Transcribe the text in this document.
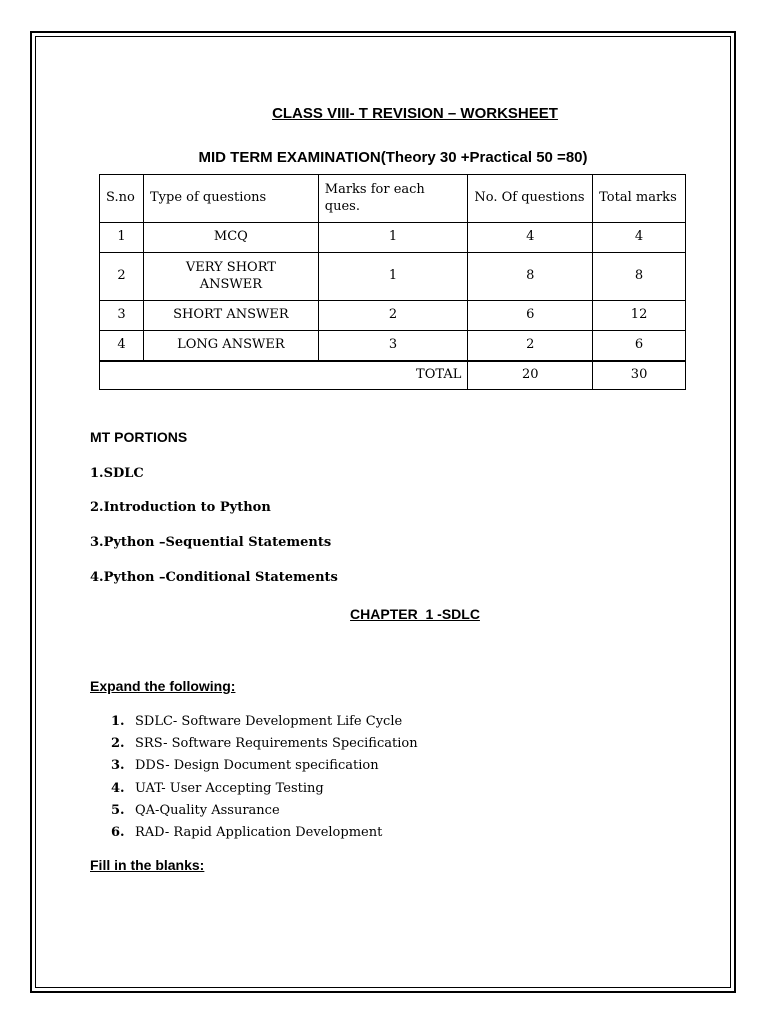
CLASS VIII- T REVISION – WORKSHEET
MID TERM EXAMINATION(Theory 30 +Practical 50 =80)
S.no	Type of questions	Marks for each ques.	No. Of questions	Total marks
1	MCQ	1	4	4
2	VERY SHORT ANSWER	1	8	8
3	SHORT ANSWER	2	6	12
4	LONG ANSWER	3	2	6
TOTAL			20	30
MT PORTIONS
1.SDLC
2.Introduction to Python
3.Python –Sequential Statements
4.Python –Conditional Statements
CHAPTER_1 -SDLC
Expand the following:
1. SDLC- Software Development Life Cycle
2. SRS- Software Requirements Specification
3. DDS- Design Document specification
4. UAT- User Accepting Testing
5. QA-Quality Assurance
6. RAD- Rapid Application Development
Fill in the blanks:
